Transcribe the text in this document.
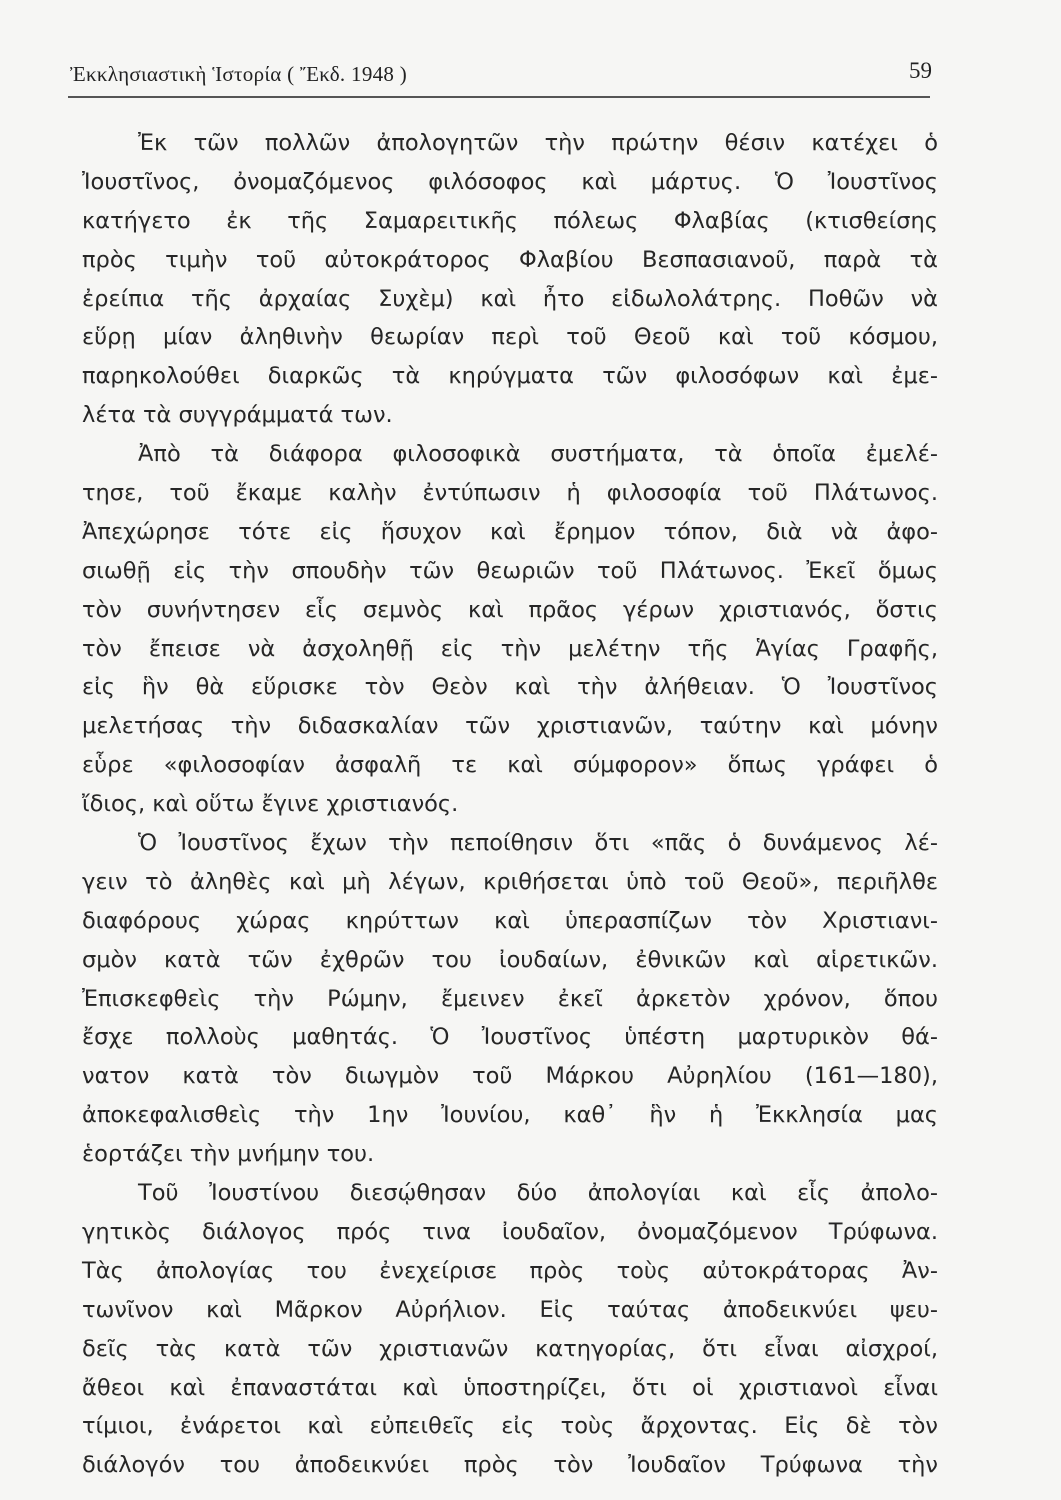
Ἐκκλησιαστικὴ Ἱστορία ( Ἔκδ. 1948 )	59
Ἐκ τῶν πολλῶν ἀπολογητῶν τὴν πρώτην θέσιν κατέχει ὁ
Ἰουστῖνος, ὀνομαζόμενος φιλόσοφος καὶ μάρτυς. Ὁ Ἰουστῖνος
κατήγετο ἐκ τῆς Σαμαρειτικῆς πόλεως Φλαβίας (κτισθείσης
πρὸς τιμὴν τοῦ αὐτοκράτορος Φλαβίου Βεσπασιανοῦ, παρὰ τὰ
ἐρείπια τῆς ἀρχαίας Συχὲμ) καὶ ἦτο εἰδωλολάτρης. Ποθῶν νὰ
εὕρῃ μίαν ἀληθινὴν θεωρίαν περὶ τοῦ Θεοῦ καὶ τοῦ κόσμου,
παρηκολούθει διαρκῶς τὰ κηρύγματα τῶν φιλοσόφων καὶ ἐμε-
λέτα τὰ συγγράμματά των.
Ἀπὸ τὰ διάφορα φιλοσοφικὰ συστήματα, τὰ ὁποῖα ἐμελέ-
τησε, τοῦ ἔκαμε καλὴν ἐντύπωσιν ἡ φιλοσοφία τοῦ Πλάτωνος.
Ἀπεχώρησε τότε εἰς ἥσυχον καὶ ἔρημον τόπον, διὰ νὰ ἀφο-
σιωθῇ εἰς τὴν σπουδὴν τῶν θεωριῶν τοῦ Πλάτωνος. Ἐκεῖ ὅμως
τὸν συνήντησεν εἷς σεμνὸς καὶ πρᾶος γέρων χριστιανός, ὅστις
τὸν ἔπεισε νὰ ἀσχοληθῇ εἰς τὴν μελέτην τῆς Ἁγίας Γραφῆς,
εἰς ἣν θὰ εὕρισκε τὸν Θεὸν καὶ τὴν ἀλήθειαν. Ὁ Ἰουστῖνος
μελετήσας τὴν διδασκαλίαν τῶν χριστιανῶν, ταύτην καὶ μόνην
εὗρε «φιλοσοφίαν ἀσφαλῆ τε καὶ σύμφορον» ὅπως γράφει ὁ
ἴδιος, καὶ οὕτω ἔγινε χριστιανός.
Ὁ Ἰουστῖνος ἔχων τὴν πεποίθησιν ὅτι «πᾶς ὁ δυνάμενος λέ-
γειν τὸ ἀληθὲς καὶ μὴ λέγων, κριθήσεται ὑπὸ τοῦ Θεοῦ», περιῆλθε
διαφόρους χώρας κηρύττων καὶ ὑπερασπίζων τὸν Χριστιανι-
σμὸν κατὰ τῶν ἐχθρῶν του ἰουδαίων, ἐθνικῶν καὶ αἱρετικῶν.
Ἐπισκεφθεὶς τὴν Ρώμην, ἔμεινεν ἐκεῖ ἀρκετὸν χρόνον, ὅπου
ἔσχε πολλοὺς μαθητάς. Ὁ Ἰουστῖνος ὑπέστη μαρτυρικὸν θά-
νατον κατὰ τὸν διωγμὸν τοῦ Μάρκου Αὐρηλίου (161—180),
ἀποκεφαλισθεὶς τὴν 1ην Ἰουνίου, καθ᾽ ἣν ἡ Ἐκκλησία μας
ἑορτάζει τὴν μνήμην του.
Τοῦ Ἰουστίνου διεσῴθησαν δύο ἀπολογίαι καὶ εἷς ἀπολο-
γητικὸς διάλογος πρός τινα ἰουδαῖον, ὀνομαζόμενον Τρύφωνα.
Τὰς ἀπολογίας του ἐνεχείρισε πρὸς τοὺς αὐτοκράτορας Ἀν-
τωνῖνον καὶ Μᾶρκον Αὐρήλιον. Εἰς ταύτας ἀποδεικνύει ψευ-
δεῖς τὰς κατὰ τῶν χριστιανῶν κατηγορίας, ὅτι εἶναι αἰσχροί,
ἄθεοι καὶ ἐπαναστάται καὶ ὑποστηρίζει, ὅτι οἱ χριστιανοὶ εἶναι
τίμιοι, ἐνάρετοι καὶ εὐπειθεῖς εἰς τοὺς ἄρχοντας. Εἰς δὲ τὸν
διάλογόν του ἀποδεικνύει πρὸς τὸν Ἰουδαῖον Τρύφωνα τὴν
